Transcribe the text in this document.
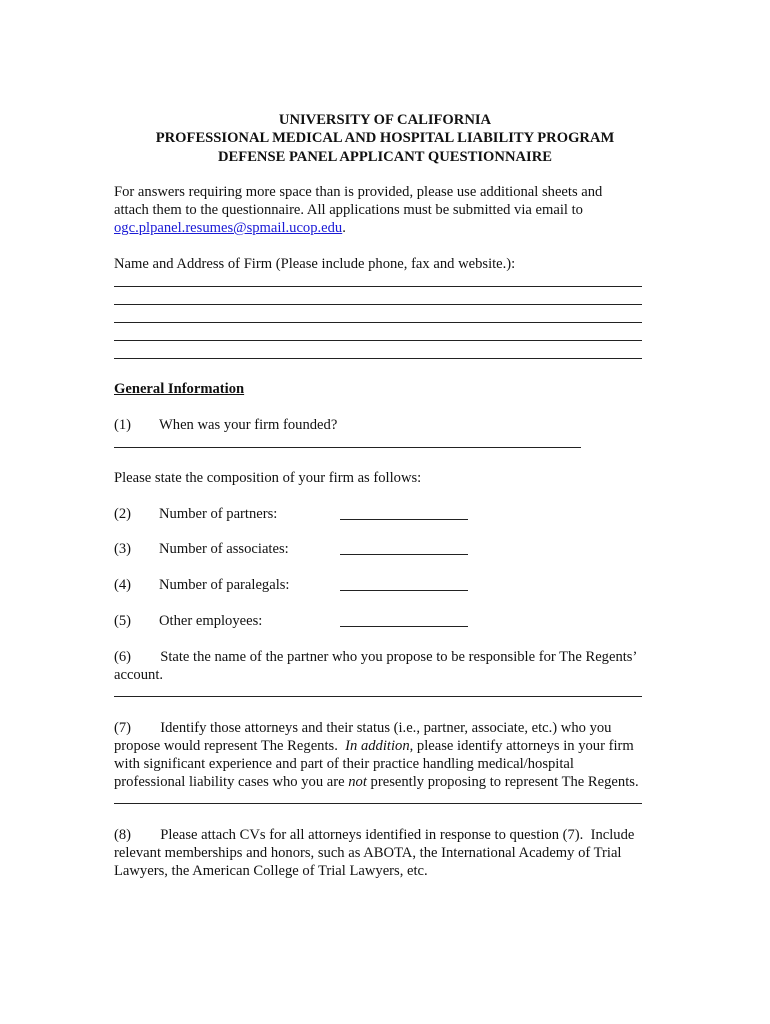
UNIVERSITY OF CALIFORNIA
PROFESSIONAL MEDICAL AND HOSPITAL LIABILITY PROGRAM
DEFENSE PANEL APPLICANT QUESTIONNAIRE
For answers requiring more space than is provided, please use additional sheets and
attach them to the questionnaire. All applications must be submitted via email to
ogc.plpanel.resumes@spmail.ucop.edu.
Name and Address of Firm (Please include phone, fax and website.):
General Information
(1) When was your firm founded?
Please state the composition of your firm as follows:
(2) Number of partners:
(3) Number of associates:
(4) Number of paralegals:
(5) Other employees:
(6)        State the name of the partner who you propose to be responsible for The Regents’
account.
(7)        Identify those attorneys and their status (i.e., partner, associate, etc.) who you
propose would represent The Regents.  In addition, please identify attorneys in your firm
with significant experience and part of their practice handling medical/hospital
professional liability cases who you are not presently proposing to represent The Regents.
(8)        Please attach CVs for all attorneys identified in response to question (7).  Include
relevant memberships and honors, such as ABOTA, the International Academy of Trial
Lawyers, the American College of Trial Lawyers, etc.
